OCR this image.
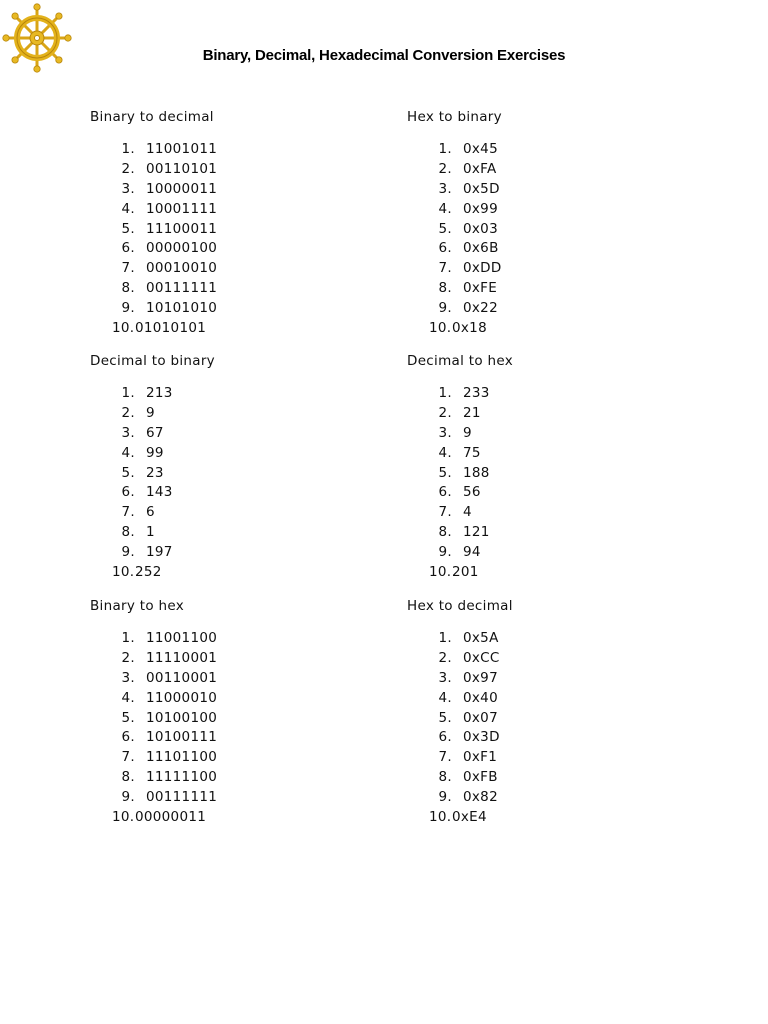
Binary, Decimal, Hexadecimal Conversion Exercises
Binary to decimal
1. 11001011
2. 00110101
3. 10000011
4. 10001111
5. 11100011
6. 00000100
7. 00010010
8. 00111111
9. 10101010
10.01010101
Hex to binary
1. 0x45
2. 0xFA
3. 0x5D
4. 0x99
5. 0x03
6. 0x6B
7. 0xDD
8. 0xFE
9. 0x22
10.0x18
Decimal to binary
1. 213
2. 9
3. 67
4. 99
5. 23
6. 143
7. 6
8. 1
9. 197
10.252
Decimal to hex
1. 233
2. 21
3. 9
4. 75
5. 188
6. 56
7. 4
8. 121
9. 94
10.201
Binary to hex
1. 11001100
2. 11110001
3. 00110001
4. 11000010
5. 10100100
6. 10100111
7. 11101100
8. 11111100
9. 00111111
10.00000011
Hex to decimal
1. 0x5A
2. 0xCC
3. 0x97
4. 0x40
5. 0x07
6. 0x3D
7. 0xF1
8. 0xFB
9. 0x82
10.0xE4
